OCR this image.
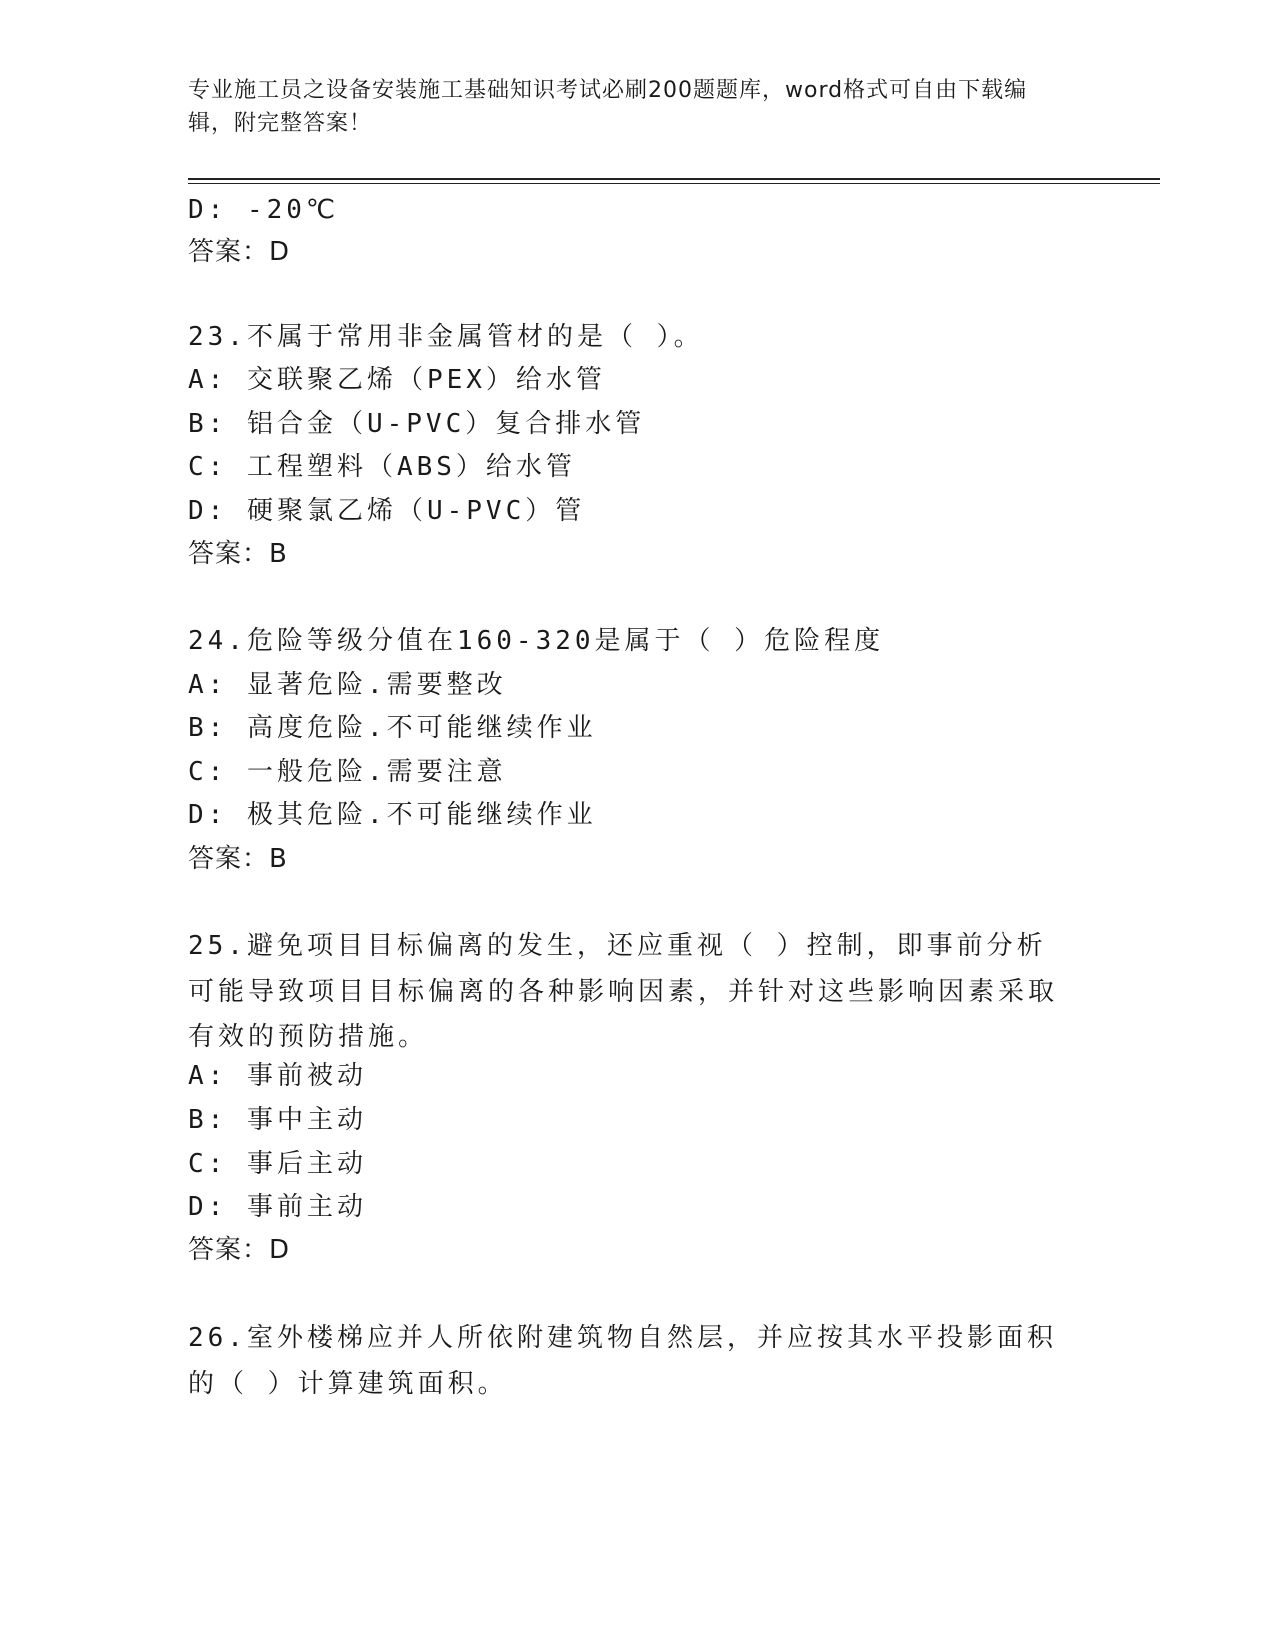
专业施工员之设备安装施工基础知识考试必刷200题题库，word格式可自由下载编辑，附完整答案！
D: -20℃
答案：D
23.不属于常用非金属管材的是（ ）。
A: 交联聚乙烯（PEX）给水管
B: 铝合金（U-PVC）复合排水管
C: 工程塑料（ABS）给水管
D: 硬聚氯乙烯（U-PVC）管
答案：B
24.危险等级分值在160-320是属于（ ）危险程度
A: 显著危险.需要整改
B: 高度危险.不可能继续作业
C: 一般危险.需要注意
D: 极其危险.不可能继续作业
答案：B
25.避免项目目标偏离的发生，还应重视（ ）控制，即事前分析可能导致项目目标偏离的各种影响因素，并针对这些影响因素采取有效的预防措施。
A: 事前被动
B: 事中主动
C: 事后主动
D: 事前主动
答案：D
26.室外楼梯应并人所依附建筑物自然层，并应按其水平投影面积的（ ）计算建筑面积。
